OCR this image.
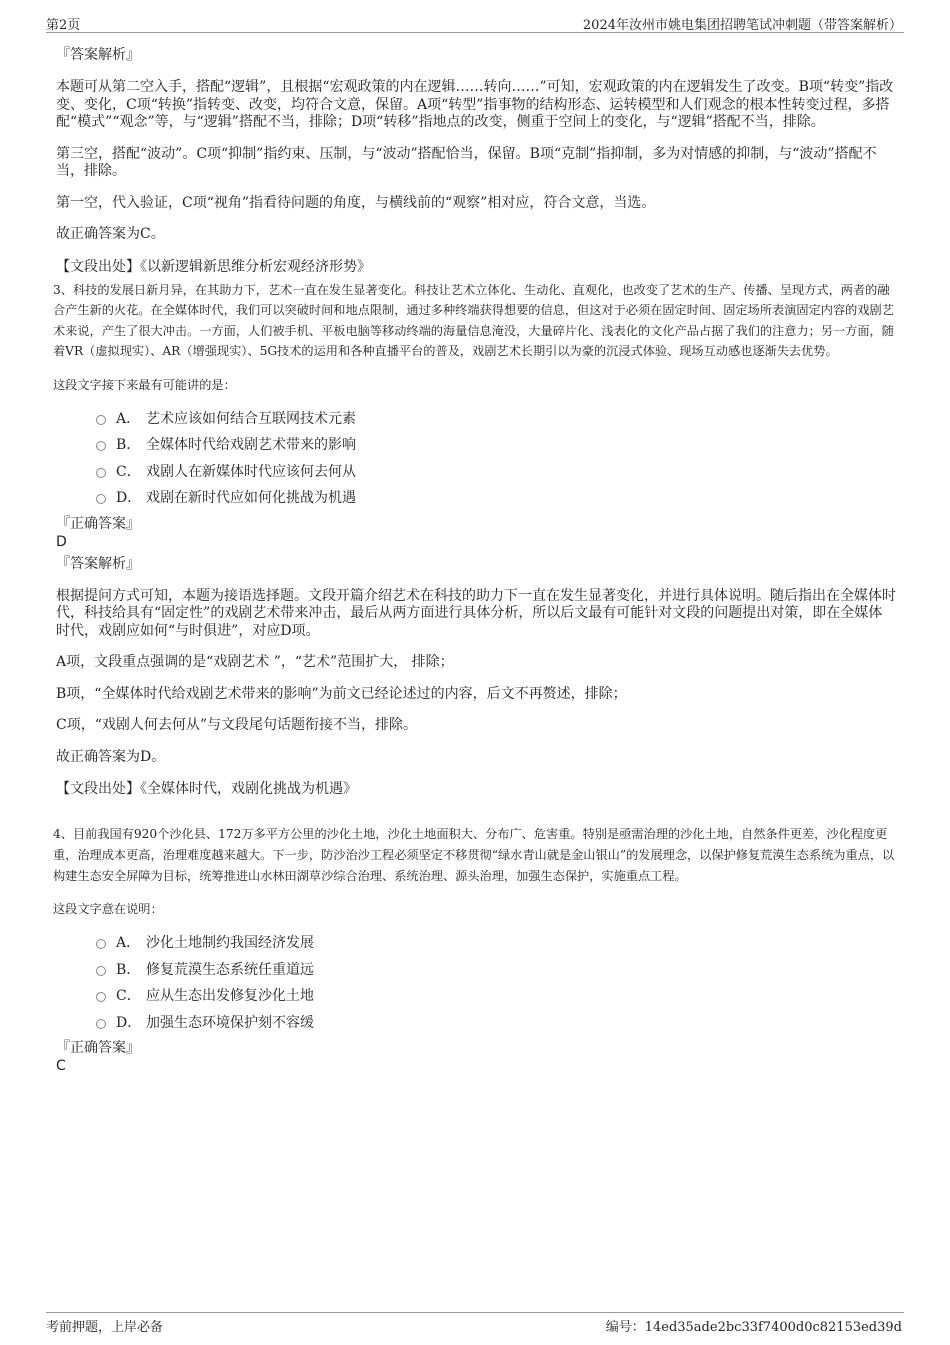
第2页	2024年汝州市姚电集团招聘笔试冲刺题（带答案解析）
『答案解析』

本题可从第二空入手，搭配“逻辑”，且根据“宏观政策的内在逻辑……转向……”可知，宏观政策的内在逻辑发生了改变。B项“转变”指改变、变化，C项“转换”指转变、改变，均符合文意，保留。A项“转型”指事物的结构形态、运转模型和人们观念的根本性转变过程，多搭配“模式”“观念”等，与“逻辑”搭配不当，排除；D项“转移”指地点的改变，侧重于空间上的变化，与“逻辑”搭配不当，排除。

第三空，搭配“波动”。C项“抑制”指约束、压制，与“波动”搭配恰当，保留。B项“克制”指抑制，多为对情感的抑制，与“波动”搭配不当，排除。

第一空，代入验证，C项“视角”指看待问题的角度，与横线前的“观察”相对应，符合文意，当选。

故正确答案为C。

【文段出处】《以新逻辑新思维分析宏观经济形势》

3、科技的发展日新月异，在其助力下，艺术一直在发生显著变化。科技让艺术立体化、生动化、直观化，也改变了艺术的生产、传播、呈现方式，两者的融合产生新的火花。在全媒体时代，我们可以突破时间和地点限制，通过多种终端获得想要的信息，但这对于必须在固定时间、固定场所表演固定内容的戏剧艺术来说，产生了很大冲击。一方面，人们被手机、平板电脑等移动终端的海量信息淹没，大量碎片化、浅表化的文化产品占据了我们的注意力；另一方面，随着VR（虚拟现实）、AR（增强现实）、5G技术的运用和各种直播平台的普及，戏剧艺术长期引以为豪的沉浸式体验、现场互动感也逐渐失去优势。

这段文字接下来最有可能讲的是：

A． 艺术应该如何结合互联网技术元素
B． 全媒体时代给戏剧艺术带来的影响
C． 戏剧人在新媒体时代应该何去何从
D． 戏剧在新时代应如何化挑战为机遇
『正确答案』
D
『答案解析』

根据提问方式可知，本题为接语选择题。文段开篇介绍艺术在科技的助力下一直在发生显著变化，并进行具体说明。随后指出在全媒体时代，科技给具有“固定性”的戏剧艺术带来冲击，最后从两方面进行具体分析，所以后文最有可能针对文段的问题提出对策，即在全媒体时代，戏剧应如何“与时俱进”，对应D项。

A项，文段重点强调的是“戏剧艺术 ”，“艺术”范围扩大， 排除；

B项，“全媒体时代给戏剧艺术带来的影响”为前文已经论述过的内容，后文不再赘述，排除；

C项，“戏剧人何去何从”与文段尾句话题衔接不当，排除。

故正确答案为D。

【文段出处】《全媒体时代，戏剧化挑战为机遇》

4、目前我国有920个沙化县、172万多平方公里的沙化土地，沙化土地面积大、分布广、危害重。特别是亟需治理的沙化土地，自然条件更差，沙化程度更重，治理成本更高，治理难度越来越大。下一步，防沙治沙工程必须坚定不移贯彻“绿水青山就是金山银山”的发展理念，以保护修复荒漠生态系统为重点，以构建生态安全屏障为目标，统筹推进山水林田湖草沙综合治理、系统治理、源头治理，加强生态保护，实施重点工程。

这段文字意在说明：

A． 沙化土地制约我国经济发展
B． 修复荒漠生态系统任重道远
C． 应从生态出发修复沙化土地
D． 加强生态环境保护刻不容缓
『正确答案』
C
考前押题，上岸必备	编号：14ed35ade2bc33f7400d0c82153ed39d
